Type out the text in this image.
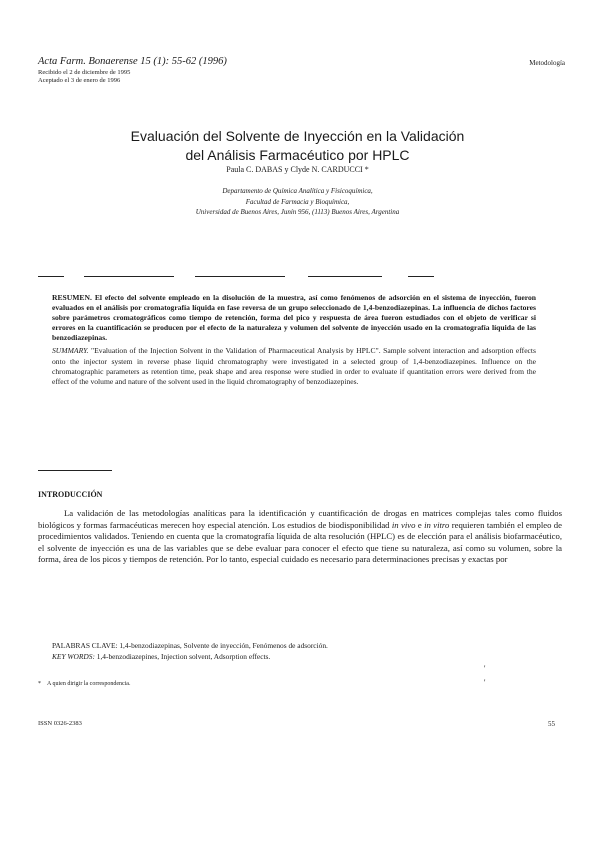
Acta Farm. Bonaerense 15 (1): 55-62 (1996)
Recibido el 2 de diciembre de 1995
Aceptado el 3 de enero de 1996
Metodología
Evaluación del Solvente de Inyección en la Validación
del Análisis Farmacéutico por HPLC
Paula C. DABAS y Clyde N. CARDUCCI *
Departamento de Química Analítica y Fisicoquímica,
Facultad de Farmacia y Bioquímica,
Universidad de Buenos Aires, Junín 956, (1113) Buenos Aires, Argentina

RESUMEN. El efecto del solvente empleado en la disolución de la muestra, así como fenómenos de adsorción en el sistema de inyección, fueron evaluados en el análisis por cromatografía líquida en fase reversa de un grupo seleccionado de 1,4-benzodiazepinas. La influencia de dichos factores sobre parámetros cromatográficos como tiempo de retención, forma del pico y respuesta de área fueron estudiados con el objeto de verificar si errores en la cuantificación se producen por el efecto de la naturaleza y volumen del solvente de inyección usado en la cromatografía líquida de las benzodiazepinas.

SUMMARY. "Evaluation of the Injection Solvent in the Validation of Pharmaceutical Analysis by HPLC". Sample solvent interaction and adsorption effects onto the injector system in reverse phase liquid chromatography were investigated in a selected group of 1,4-benzodiazepines. Influence on the chromatographic parameters as retention time, peak shape and area response were studied in order to evaluate if quantitation errors were derived from the effect of the volume and nature of the solvent used in the liquid chromatography of benzodiazepines.

INTRODUCCIÓN
La validación de las metodologías analíticas para la identificación y cuantificación de drogas en matrices complejas tales como fluidos biológicos y formas farmacéuticas merecen hoy especial atención. Los estudios de biodisponibilidad in vivo e in vitro requieren también el empleo de procedimientos validados. Teniendo en cuenta que la cromatografía líquida de alta resolución (HPLC) es de elección para el análisis biofarmacéutico, el solvente de inyección es una de las variables que se debe evaluar para conocer el efecto que tiene su naturaleza, así como su volumen, sobre la forma, área de los picos y tiempos de retención. Por lo tanto, especial cuidado es necesario para determinaciones precisas y exactas por

PALABRAS CLAVE: 1,4-benzodiazepinas, Solvente de inyección, Fenómenos de adsorción.

KEY WORDS: 1,4-benzodiazepines, Injection solvent, Adsorption effects.

'
'
* A quien dirigir la correspondencia.
ISSN 0326-2383	55
